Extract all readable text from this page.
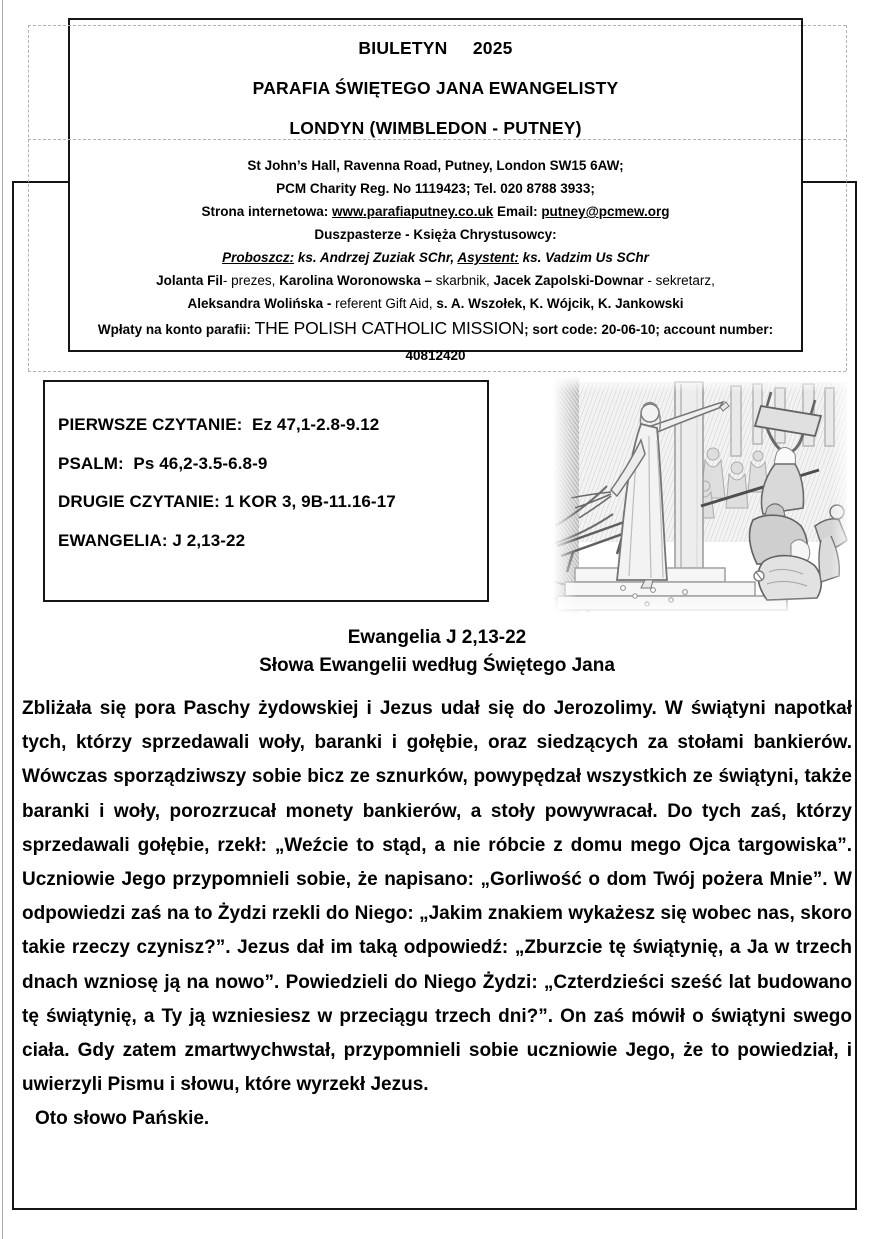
BIULETYN     2025
PARAFIA ŚWIĘTEGO JANA EWANGELISTY
LONDYN (WIMBLEDON - PUTNEY)
St John’s Hall, Ravenna Road, Putney, London SW15 6AW;
PCM Charity Reg. No 1119423; Tel. 020 8788 3933;
Strona internetowa: www.parafiaputney.co.uk Email: putney@pcmew.org
Duszpasterze - Księża Chrystusowcy:
Proboszcz: ks. Andrzej Zuziak SChr, Asystent: ks. Vadzim Us SChr
Jolanta Fil- prezes, Karolina Woronowska – skarbnik, Jacek Zapolski-Downar - sekretarz,
Aleksandra Wolińska - referent Gift Aid, s. A. Wszołek, K. Wójcik, K. Jankowski
Wpłaty na konto parafii: THE POLISH CATHOLIC MISSION; sort code: 20-06-10; account number: 40812420
PIERWSZE CZYTANIE:  Ez 47,1-2.8-9.12
PSALM:  Ps 46,2-3.5-6.8-9
DRUGIE CZYTANIE: 1 KOR 3, 9B-11.16-17
EWANGELIA: J 2,13-22
Ewangelia J 2,13-22
Słowa Ewangelii według Świętego Jana
Zbliżała się pora Paschy żydowskiej i Jezus udał się do Jerozolimy. W świątyni napotkał tych, którzy sprzedawali woły, baranki i gołębie, oraz siedzących za stołami bankierów. Wówczas sporządziwszy sobie bicz ze sznurków, powypędzał wszystkich ze świątyni, także baranki i woły, porozrzucał monety bankierów, a stoły powywracał. Do tych zaś, którzy sprzedawali gołębie, rzekł: „Weźcie to stąd, a nie róbcie z domu mego Ojca targowiska”. Uczniowie Jego przypomnieli sobie, że napisano: „Gorliwość o dom Twój pożera Mnie”. W odpowiedzi zaś na to Żydzi rzekli do Niego: „Jakim znakiem wykażesz się wobec nas, skoro takie rzeczy czynisz?”. Jezus dał im taką odpowiedź: „Zburzcie tę świątynię, a Ja w trzech dnach wzniosę ją na nowo”. Powiedzieli do Niego Żydzi: „Czterdzieści sześć lat budowano tę świątynię, a Ty ją wzniesiesz w przeciągu trzech dni?”. On zaś mówił o świątyni swego ciała. Gdy zatem zmartwychwstał, przypomnieli sobie uczniowie Jego, że to powiedział, i uwierzyli Pismu i słowu, które wyrzekł Jezus.
Oto słowo Pańskie.
